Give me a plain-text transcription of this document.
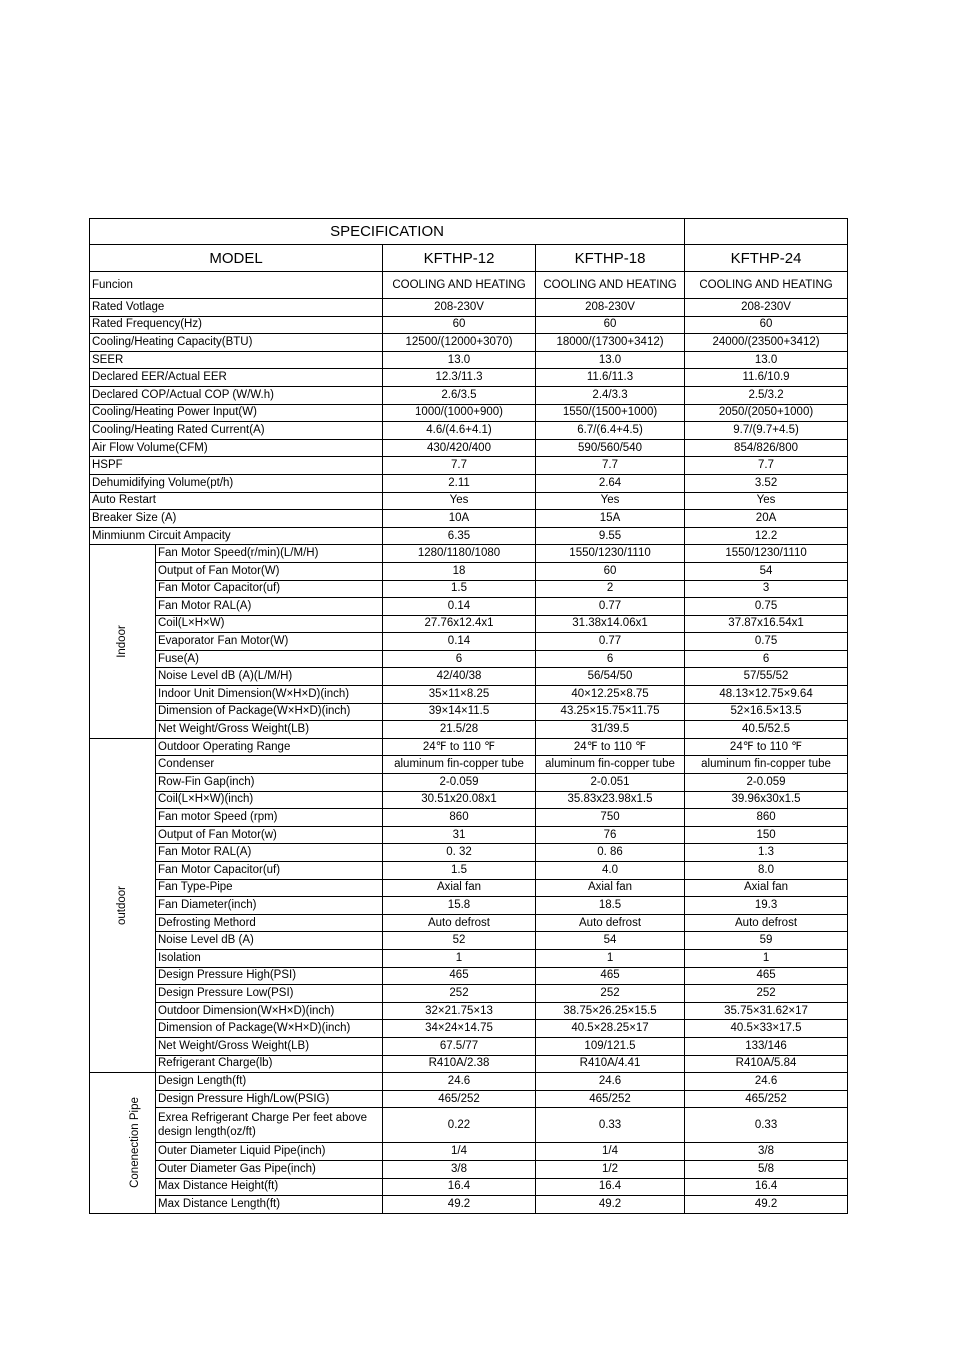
SPECIFICATION				
MODEL		KFTHP-12	KFTHP-18	KFTHP-24
Funcion		COOLING AND HEATING	COOLING AND HEATING	COOLING AND HEATING
Rated Votlage		208-230V	208-230V	208-230V
Rated Frequency(Hz)		60	60	60
Cooling/Heating Capacity(BTU)		12500/(12000+3070)	18000/(17300+3412)	24000/(23500+3412)
SEER		13.0	13.0	13.0
Declared EER/Actual EER		12.3/11.3	11.6/11.3	11.6/10.9
Declared COP/Actual COP (W/W.h)		2.6/3.5	2.4/3.3	2.5/3.2
Cooling/Heating Power Input(W)		1000/(1000+900)	1550/(1500+1000)	2050/(2050+1000)
Cooling/Heating Rated Current(A)		4.6/(4.6+4.1)	6.7/(6.4+4.5)	9.7/(9.7+4.5)
Air Flow Volume(CFM)		430/420/400	590/560/540	854/826/800
HSPF		7.7	7.7	7.7
Dehumidifying Volume(pt/h)		2.11	2.64	3.52
Auto Restart		Yes	Yes	Yes
Breaker Size (A)		10A	15A	20A
Minmiunm Circuit Ampacity		6.35	9.55	12.2
Indoor	Fan Motor Speed(r/min)(L/M/H)	1280/1180/1080	1550/1230/1110	1550/1230/1110
	Output of Fan Motor(W)	18	60	54
	Fan Motor Capacitor(uf)	1.5	2	3
	Fan Motor RAL(A)	0.14	0.77	0.75
	Coil(L×H×W)	27.76x12.4x1	31.38x14.06x1	37.87x16.54x1
	Evaporator Fan Motor(W)	0.14	0.77	0.75
	Fuse(A)	6	6	6
	Noise Level dB (A)(L/M/H)	42/40/38	56/54/50	57/55/52
	Indoor Unit Dimension(W×H×D)(inch)	35×11×8.25	40×12.25×8.75	48.13×12.75×9.64
	Dimension of Package(W×H×D)(inch)	39×14×11.5	43.25×15.75×11.75	52×16.5×13.5
	Net Weight/Gross Weight(LB)	21.5/28	31/39.5	40.5/52.5
outdoor	Outdoor Operating Range	24℉ to 110 ℉	24℉ to 110 ℉	24℉ to 110 ℉
	Condenser	aluminum fin-copper tube	aluminum fin-copper tube	aluminum fin-copper tube
	Row-Fin Gap(inch)	2-0.059	2-0.051	2-0.059
	Coil(L×H×W)(inch)	30.51x20.08x1	35.83x23.98x1.5	39.96x30x1.5
	Fan motor Speed (rpm)	860	750	860
	Output of Fan Motor(w)	31	76	150
	Fan Motor RAL(A)	0. 32	0. 86	1.3
	Fan Motor Capacitor(uf)	1.5	4.0	8.0
	Fan Type-Pipe	Axial fan	Axial fan	Axial fan
	Fan Diameter(inch)	15.8	18.5	19.3
	Defrosting Methord	Auto defrost	Auto defrost	Auto defrost
	Noise Level dB (A)	52	54	59
	Isolation	1	1	1
	Design Pressure High(PSI)	465	465	465
	Design Pressure Low(PSI)	252	252	252
	Outdoor Dimension(W×H×D)(inch)	32×21.75×13	38.75×26.25×15.5	35.75×31.62×17
	Dimension of Package(W×H×D)(inch)	34×24×14.75	40.5×28.25×17	40.5×33×17.5
	Net Weight/Gross Weight(LB)	67.5/77	109/121.5	133/146
	Refrigerant Charge(lb)	R410A/2.38	R410A/4.41	R410A/5.84
Conenection Pipe	Design Length(ft)	24.6	24.6	24.6
	Design Pressure High/Low(PSIG)	465/252	465/252	465/252
	Exrea Refrigerant Charge Per feet above design length(oz/ft)	0.22	0.33	0.33
	Outer Diameter Liquid Pipe(inch)	1/4	1/4	3/8
	Outer Diameter Gas Pipe(inch)	3/8	1/2	5/8
	Max Distance Height(ft)	16.4	16.4	16.4
	Max Distance Length(ft)	49.2	49.2	49.2
